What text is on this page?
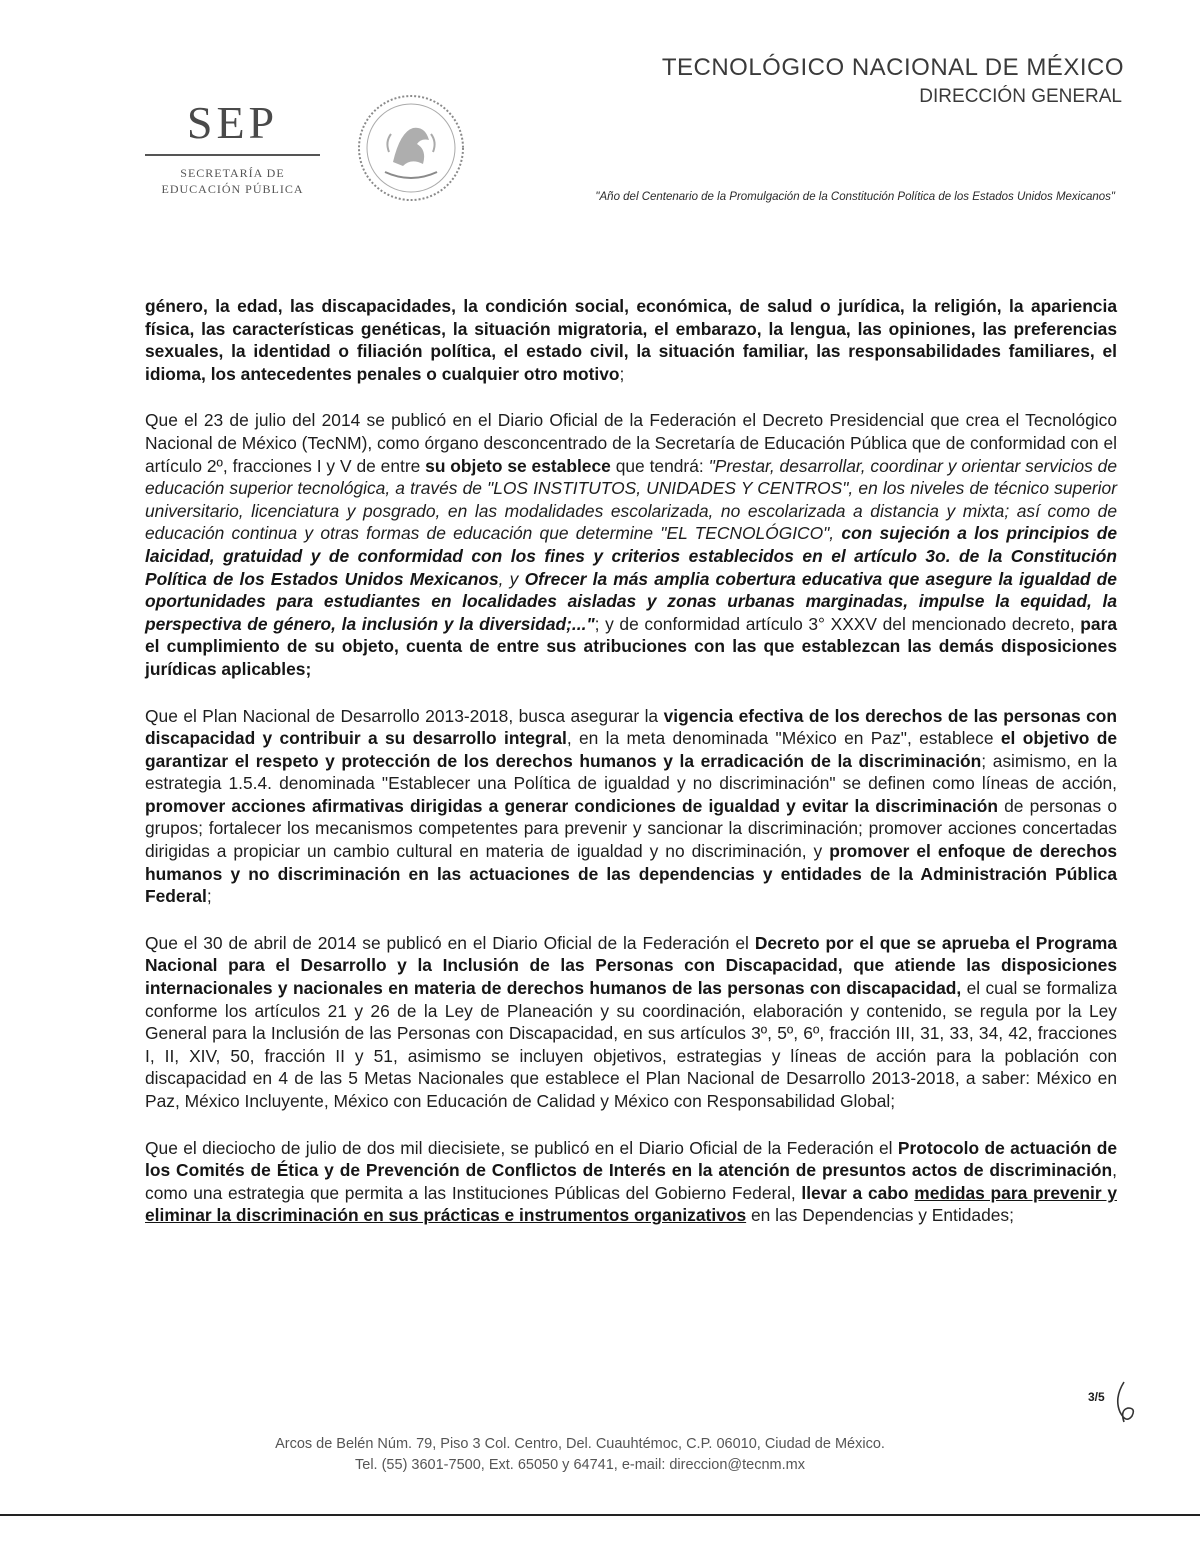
SEP
SECRETARÍA DE
EDUCACIÓN PÚBLICA
TECNOLÓGICO NACIONAL DE MÉXICO
DIRECCIÓN GENERAL
"Año del Centenario de la Promulgación de la Constitución Política de los Estados Unidos Mexicanos"

género, la edad, las discapacidades, la condición social, económica, de salud o jurídica, la religión, la apariencia física, las características genéticas, la situación migratoria, el embarazo, la lengua, las opiniones, las preferencias sexuales, la identidad o filiación política, el estado civil, la situación familiar, las responsabilidades familiares, el idioma, los antecedentes penales o cualquier otro motivo;

Que el 23 de julio del 2014 se publicó en el Diario Oficial de la Federación el Decreto Presidencial que crea el Tecnológico Nacional de México (TecNM), como órgano desconcentrado de la Secretaría de Educación Pública que de conformidad con el artículo 2º, fracciones I y V de entre su objeto se establece que tendrá: "Prestar, desarrollar, coordinar y orientar servicios de educación superior tecnológica, a través de "LOS INSTITUTOS, UNIDADES Y CENTROS", en los niveles de técnico superior universitario, licenciatura y posgrado, en las modalidades escolarizada, no escolarizada a distancia y mixta; así como de educación continua y otras formas de educación que determine "EL TECNOLÓGICO", con sujeción a los principios de laicidad, gratuidad y de conformidad con los fines y criterios establecidos en el artículo 3o. de la Constitución Política de los Estados Unidos Mexicanos, y Ofrecer la más amplia cobertura educativa que asegure la igualdad de oportunidades para estudiantes en localidades aisladas y zonas urbanas marginadas, impulse la equidad, la perspectiva de género, la inclusión y la diversidad;..."; y de conformidad artículo 3° XXXV del mencionado decreto, para el cumplimiento de su objeto, cuenta de entre sus atribuciones con las que establezcan las demás disposiciones jurídicas aplicables;

Que el Plan Nacional de Desarrollo 2013-2018, busca asegurar la vigencia efectiva de los derechos de las personas con discapacidad y contribuir a su desarrollo integral, en la meta denominada "México en Paz", establece el objetivo de garantizar el respeto y protección de los derechos humanos y la erradicación de la discriminación; asimismo, en la estrategia 1.5.4. denominada "Establecer una Política de igualdad y no discriminación" se definen como líneas de acción, promover acciones afirmativas dirigidas a generar condiciones de igualdad y evitar la discriminación de personas o grupos; fortalecer los mecanismos competentes para prevenir y sancionar la discriminación; promover acciones concertadas dirigidas a propiciar un cambio cultural en materia de igualdad y no discriminación, y promover el enfoque de derechos humanos y no discriminación en las actuaciones de las dependencias y entidades de la Administración Pública Federal;

Que el 30 de abril de 2014 se publicó en el Diario Oficial de la Federación el Decreto por el que se aprueba el Programa Nacional para el Desarrollo y la Inclusión de las Personas con Discapacidad, que atiende las disposiciones internacionales y nacionales en materia de derechos humanos de las personas con discapacidad, el cual se formaliza conforme los artículos 21 y 26 de la Ley de Planeación y su coordinación, elaboración y contenido, se regula por la Ley General para la Inclusión de las Personas con Discapacidad, en sus artículos 3º, 5º, 6º, fracción III, 31, 33, 34, 42, fracciones I, II, XIV, 50, fracción II y 51, asimismo se incluyen objetivos, estrategias y líneas de acción para la población con discapacidad en 4 de las 5 Metas Nacionales que establece el Plan Nacional de Desarrollo 2013-2018, a saber: México en Paz, México Incluyente, México con Educación de Calidad y México con Responsabilidad Global;

Que el dieciocho de julio de dos mil diecisiete, se publicó en el Diario Oficial de la Federación el Protocolo de actuación de los Comités de Ética y de Prevención de Conflictos de Interés en la atención de presuntos actos de discriminación, como una estrategia que permita a las Instituciones Públicas del Gobierno Federal, llevar a cabo medidas para prevenir y eliminar la discriminación en sus prácticas e instrumentos organizativos en las Dependencias y Entidades;

3/5
Arcos de Belén Núm. 79, Piso 3 Col. Centro, Del. Cuauhtémoc, C.P. 06010, Ciudad de México.
Tel. (55) 3601-7500, Ext. 65050 y 64741, e-mail: direccion@tecnm.mx
